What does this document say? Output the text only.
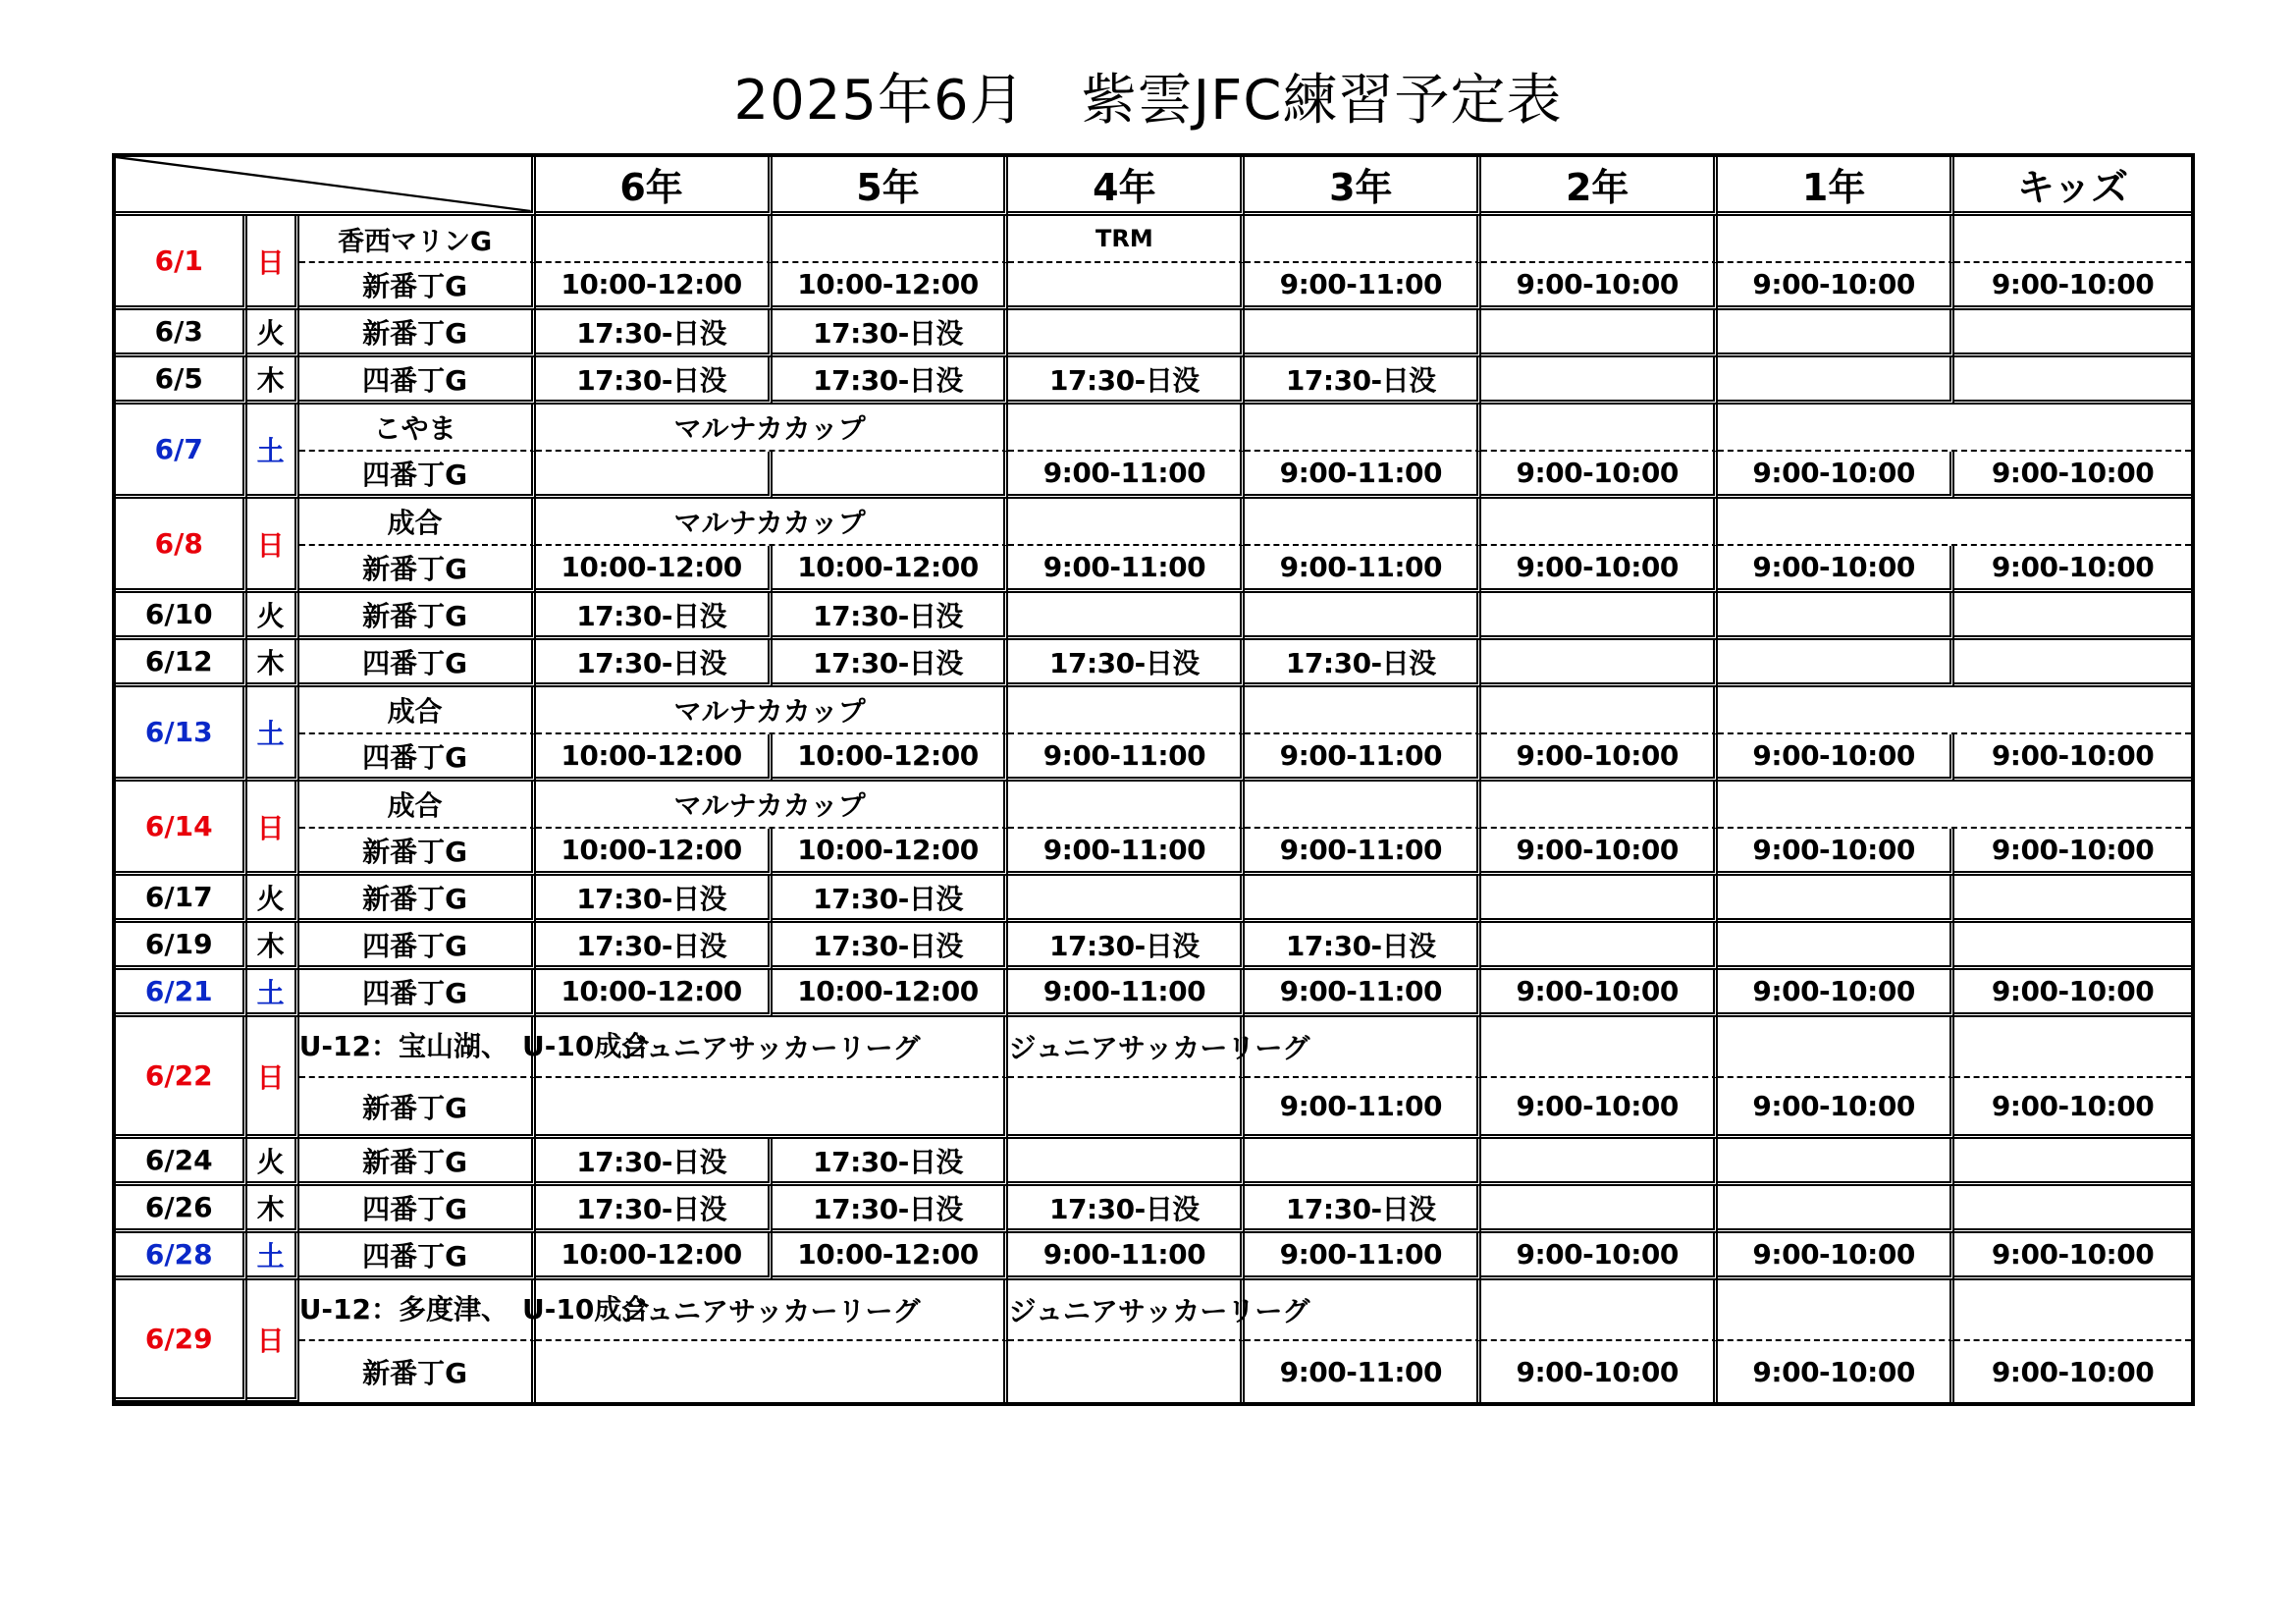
2025年6月　紫雲JFC練習予定表
	6年	5年	4年	3年	2年	1年	キッズ
6/1	日	香西マリンG			TRM				
		新番丁G	10:00-12:00	10:00-12:00		9:00-11:00	9:00-10:00	9:00-10:00	9:00-10:00
6/3	火	新番丁G	17:30-日没	17:30-日没					
6/5	木	四番丁G	17:30-日没	17:30-日没	17:30-日没	17:30-日没			
6/7	土	こやま	マルナカカップ						
		四番丁G			9:00-11:00	9:00-11:00	9:00-10:00	9:00-10:00	9:00-10:00
6/8	日	成合	マルナカカップ						
		新番丁G	10:00-12:00	10:00-12:00	9:00-11:00	9:00-11:00	9:00-10:00	9:00-10:00	9:00-10:00
6/10	火	新番丁G	17:30-日没	17:30-日没					
6/12	木	四番丁G	17:30-日没	17:30-日没	17:30-日没	17:30-日没			
6/13	土	成合	マルナカカップ						
		四番丁G	10:00-12:00	10:00-12:00	9:00-11:00	9:00-11:00	9:00-10:00	9:00-10:00	9:00-10:00
6/14	日	成合	マルナカカップ						
		新番丁G	10:00-12:00	10:00-12:00	9:00-11:00	9:00-11:00	9:00-10:00	9:00-10:00	9:00-10:00
6/17	火	新番丁G	17:30-日没	17:30-日没					
6/19	木	四番丁G	17:30-日没	17:30-日没	17:30-日没	17:30-日没			
6/21	土	四番丁G	10:00-12:00	10:00-12:00	9:00-11:00	9:00-11:00	9:00-10:00	9:00-10:00	9:00-10:00
6/22	日	U-12：宝山湖、　U-10成合	ジュニアサッカーリーグ		ジュニアサッカーリーグ				
		新番丁G				9:00-11:00	9:00-10:00	9:00-10:00	9:00-10:00
6/24	火	新番丁G	17:30-日没	17:30-日没					
6/26	木	四番丁G	17:30-日没	17:30-日没	17:30-日没	17:30-日没			
6/28	土	四番丁G	10:00-12:00	10:00-12:00	9:00-11:00	9:00-11:00	9:00-10:00	9:00-10:00	9:00-10:00
6/29	日	U-12：多度津、　U-10成合	ジュニアサッカーリーグ		ジュニアサッカーリーグ				
		新番丁G				9:00-11:00	9:00-10:00	9:00-10:00	9:00-10:00
